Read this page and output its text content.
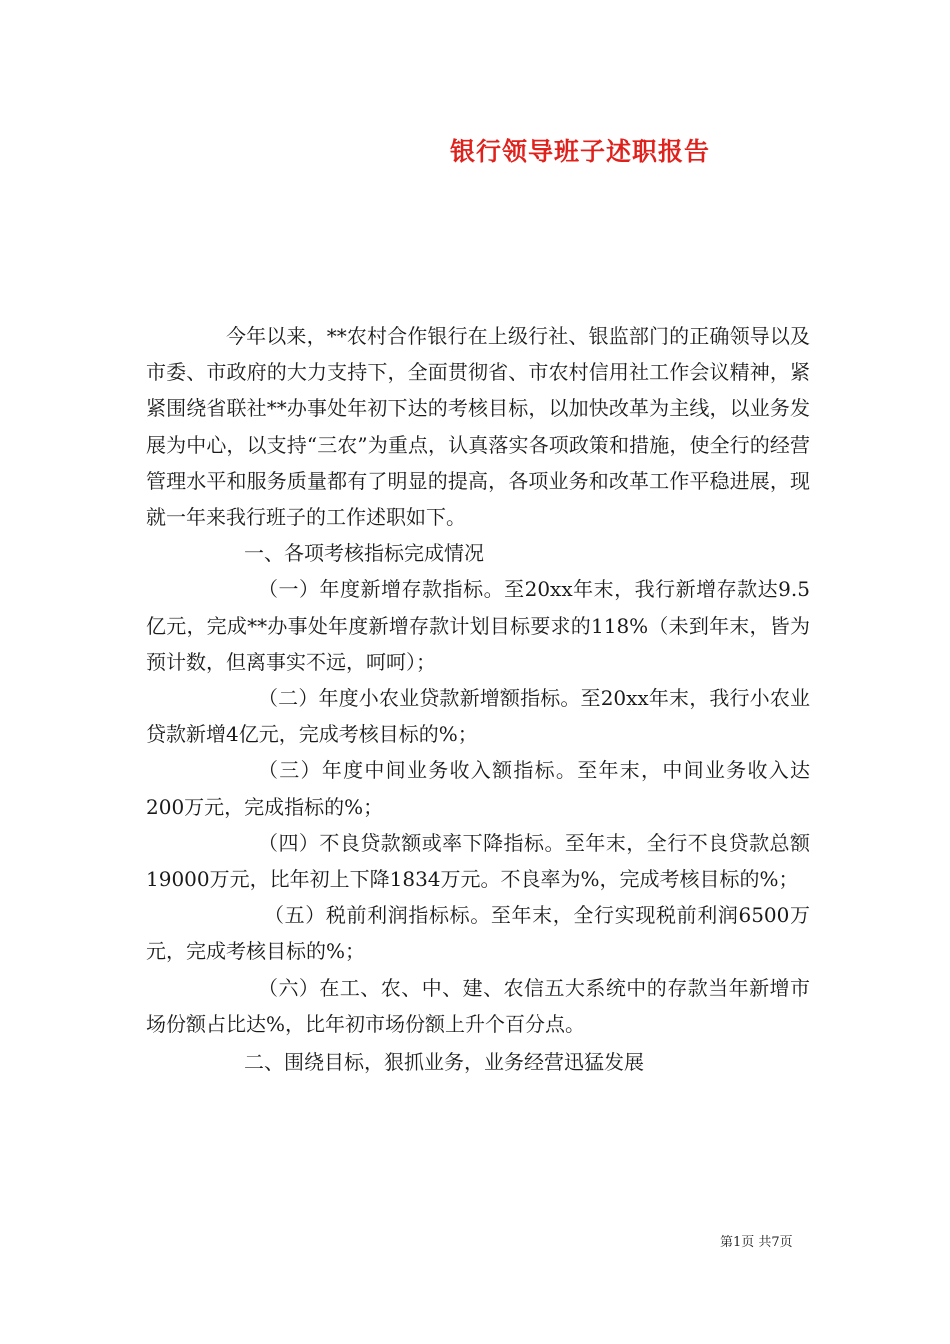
银行领导班子述职报告

今年以来，**农村合作银行在上级行社、银监部门的正确领导以及市委、市政府的大力支持下，全面贯彻省、市农村信用社工作会议精神，紧紧围绕省联社**办事处年初下达的考核目标，以加快改革为主线，以业务发展为中心，以支持“三农”为重点，认真落实各项政策和措施，使全行的经营管理水平和服务质量都有了明显的提高，各项业务和改革工作平稳进展，现就一年来我行班子的工作述职如下。

一、各项考核指标完成情况

（一）年度新增存款指标。至20xx年末，我行新增存款达9.5亿元，完成**办事处年度新增存款计划目标要求的118%（未到年末，皆为预计数，但离事实不远，呵呵）；

（二）年度小农业贷款新增额指标。至20xx年末，我行小农业贷款新增4亿元，完成考核目标的%；

（三）年度中间业务收入额指标。至年末，中间业务收入达200万元，完成指标的%；

（四）不良贷款额或率下降指标。至年末，全行不良贷款总额19000万元，比年初上下降1834万元。不良率为%，完成考核目标的%；

（五）税前利润指标标。至年末，全行实现税前利润6500万元，完成考核目标的%；

（六）在工、农、中、建、农信五大系统中的存款当年新增市场份额占比达%，比年初市场份额上升个百分点。

二、围绕目标，狠抓业务，业务经营迅猛发展

第1页 共7页
